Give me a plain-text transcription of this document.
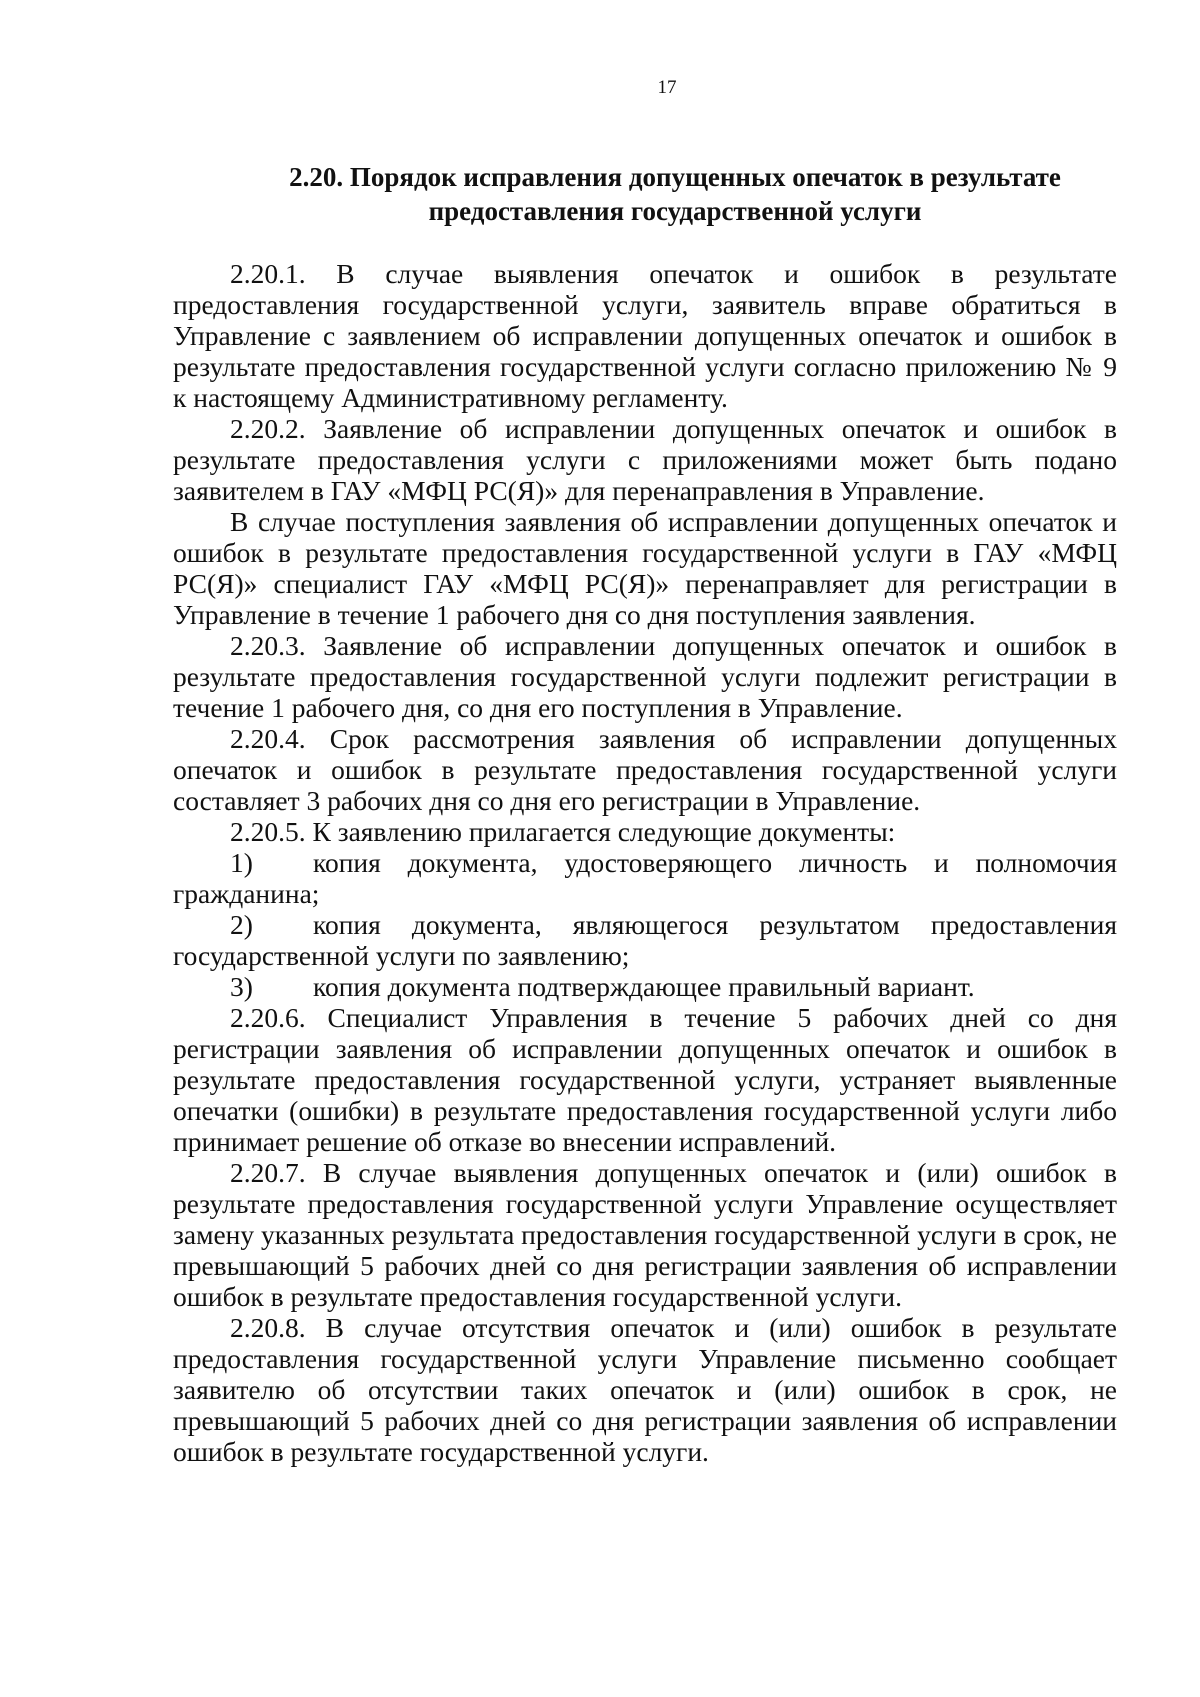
17
2.20. Порядок исправления допущенных опечаток в результате
предоставления государственной услуги

2.20.1. В случае выявления опечаток и ошибок в результате предоставления государственной услуги, заявитель вправе обратиться в Управление с заявлением об исправлении допущенных опечаток и ошибок в результате предоставления государственной услуги согласно приложению № 9 к настоящему Административному регламенту.

2.20.2. Заявление об исправлении допущенных опечаток и ошибок в результате предоставления услуги с приложениями может быть подано заявителем в ГАУ «МФЦ РС(Я)» для перенаправления в Управление.

В случае поступления заявления об исправлении допущенных опечаток и ошибок в результате предоставления государственной услуги в ГАУ «МФЦ РС(Я)» специалист ГАУ «МФЦ РС(Я)» перенаправляет для регистрации в Управление в течение 1 рабочего дня со дня поступления заявления.

2.20.3. Заявление об исправлении допущенных опечаток и ошибок в результате предоставления государственной услуги подлежит регистрации в течение 1 рабочего дня, со дня его поступления в Управление.

2.20.4. Срок рассмотрения заявления об исправлении допущенных опечаток и ошибок в результате предоставления государственной услуги составляет 3 рабочих дня со дня его регистрации в Управление.

2.20.5. К заявлению прилагается следующие документы:

1) копия документа, удостоверяющего личность и полномочия гражданина;
2) копия документа, являющегося результатом предоставления государственной услуги по заявлению;
3) копия документа подтверждающее правильный вариант.

2.20.6. Специалист Управления в течение 5 рабочих дней со дня регистрации заявления об исправлении допущенных опечаток и ошибок в результате предоставления государственной услуги, устраняет выявленные опечатки (ошибки) в результате предоставления государственной услуги либо принимает решение об отказе во внесении исправлений.

2.20.7. В случае выявления допущенных опечаток и (или) ошибок в результате предоставления государственной услуги Управление осуществляет замену указанных результата предоставления государственной услуги в срок, не превышающий 5 рабочих дней со дня регистрации заявления об исправлении ошибок в результате предоставления государственной услуги.

2.20.8. В случае отсутствия опечаток и (или) ошибок в результате предоставления государственной услуги Управление письменно сообщает заявителю об отсутствии таких опечаток и (или) ошибок в срок, не превышающий 5 рабочих дней со дня регистрации заявления об исправлении ошибок в результате государственной услуги.
